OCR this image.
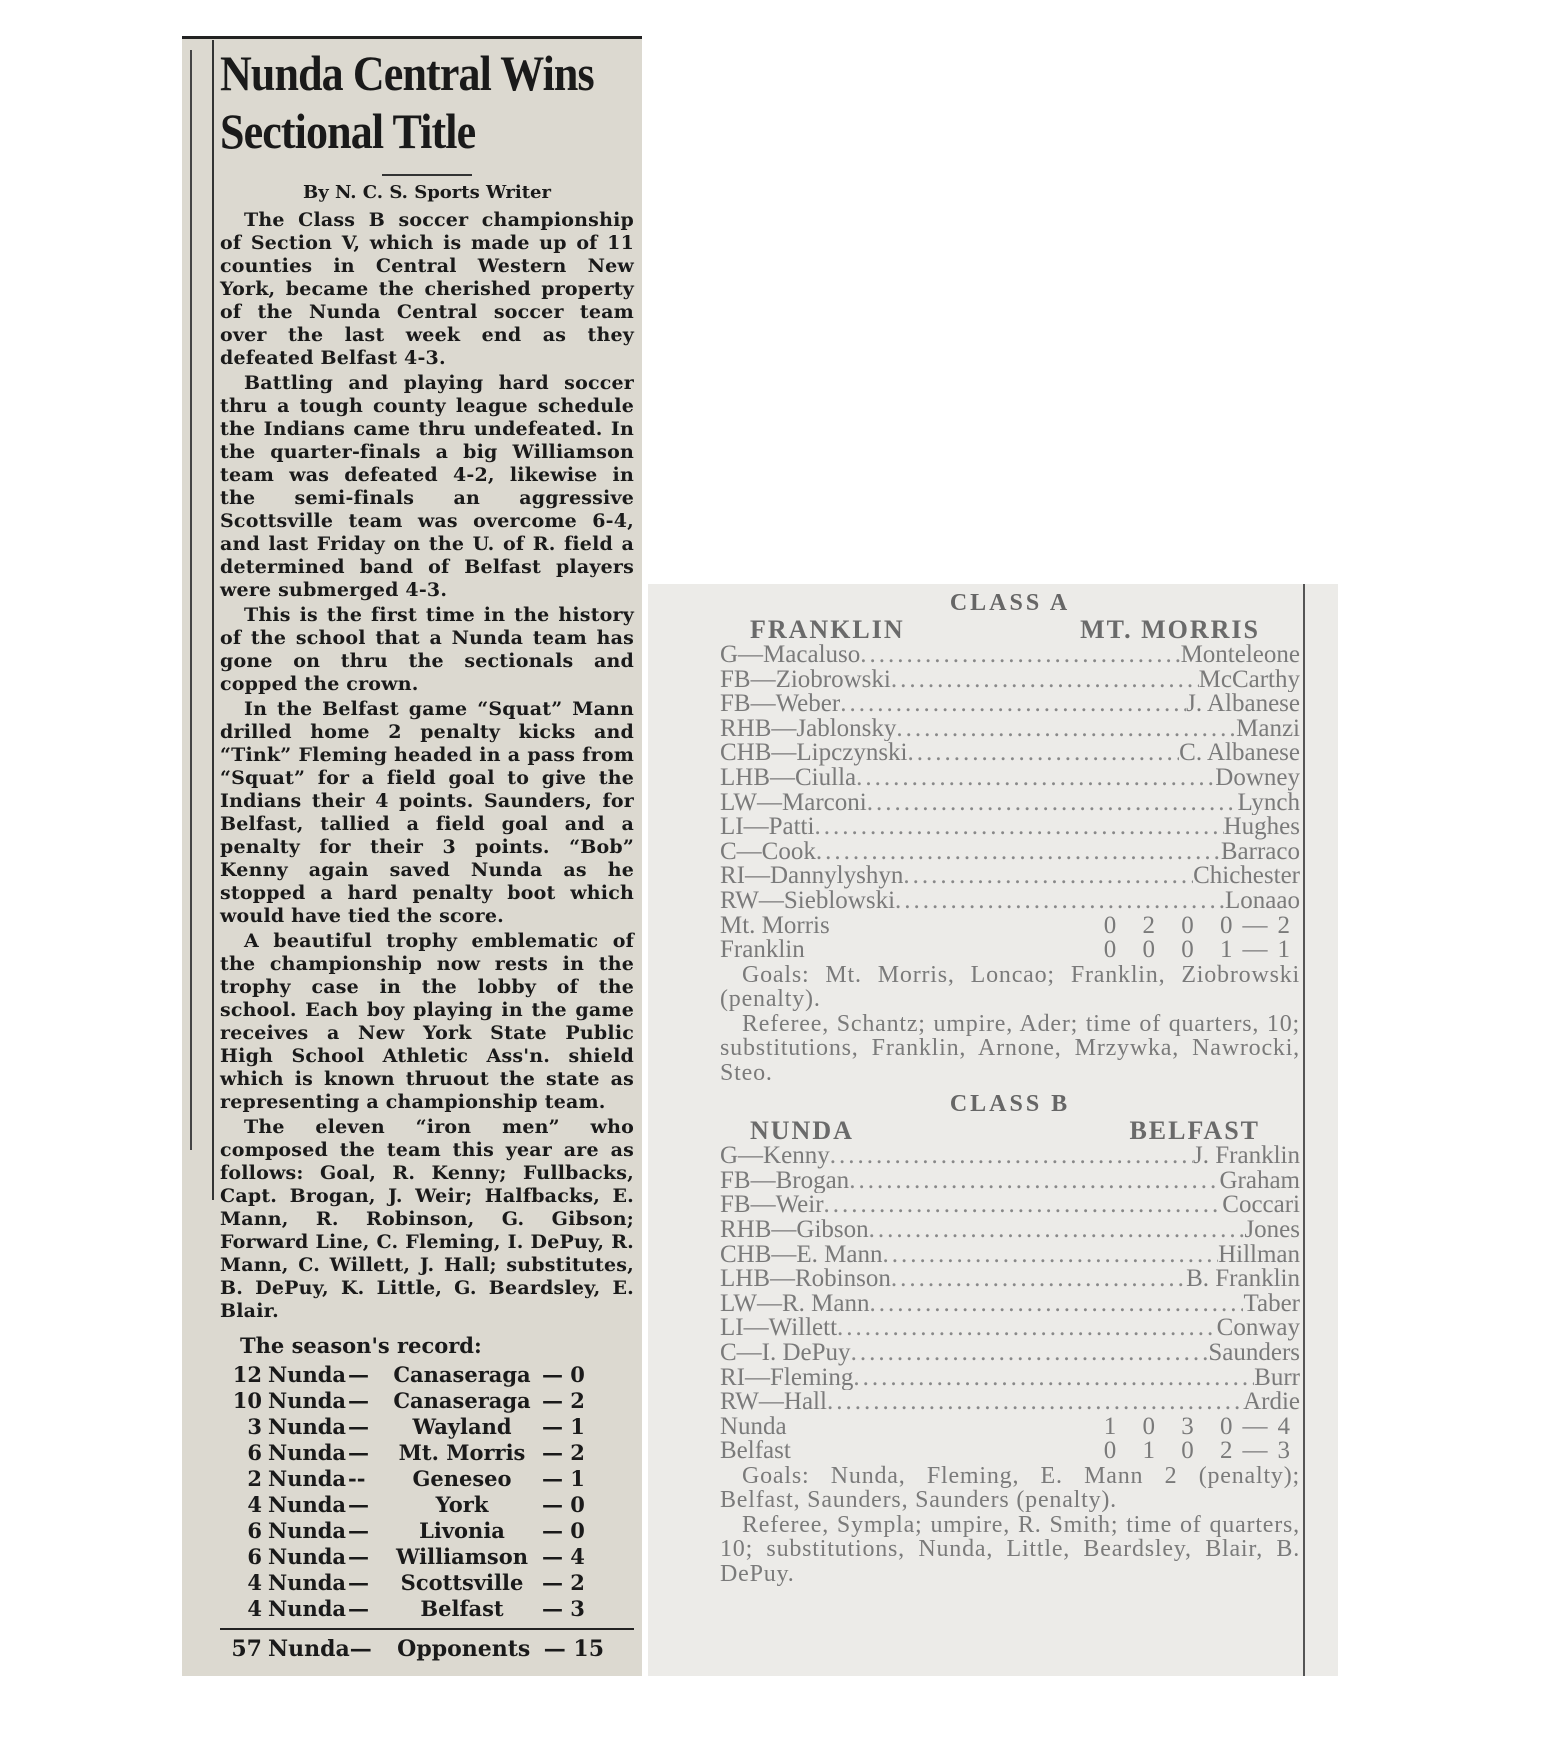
Nunda Central Wins
Sectional Title
By N. C. S. Sports Writer

The Class B soccer championship of Section V, which is made up of 11 counties in Central Western New York, became the cherished property of the Nunda Central soccer team over the last week end as they defeated Belfast 4-3.

Battling and playing hard soccer thru a tough county league schedule the Indians came thru undefeated. In the quarter-finals a big Williamson team was defeated 4-2, likewise in the semi-finals an aggressive Scottsville team was overcome 6-4, and last Friday on the U. of R. field a determined band of Belfast players were submerged 4-3.

This is the first time in the history of the school that a Nunda team has gone on thru the sectionals and copped the crown.

In the Belfast game “Squat” Mann drilled home 2 penalty kicks and “Tink” Fleming headed in a pass from “Squat” for a field goal to give the Indians their 4 points. Saunders, for Belfast, tallied a field goal and a penalty for their 3 points. “Bob” Kenny again saved Nunda as he stopped a hard penalty boot which would have tied the score.

A beautiful trophy emblematic of the championship now rests in the trophy case in the lobby of the school. Each boy playing in the game receives a New York State Public High School Athletic Ass'n. shield which is known thruout the state as representing a championship team.

The eleven “iron men” who composed the team this year are as follows: Goal, R. Kenny; Fullbacks, Capt. Brogan, J. Weir; Halfbacks, E. Mann, R. Robinson, G. Gibson; Forward Line, C. Fleming, I. DePuy, R. Mann, C. Willett, J. Hall; substitutes, B. DePuy, K. Little, G. Beardsley, E. Blair.

The season's record:
12	Nunda	—	Canaseraga	— 0
10	Nunda	—	Canaseraga	— 2
3	Nunda	—	Wayland	— 1
6	Nunda	—	Mt. Morris	— 2
2	Nunda	--	Geneseo	— 1
4	Nunda	—	York	— 0
6	Nunda	—	Livonia	— 0
6	Nunda	—	Williamson	— 4
4	Nunda	—	Scottsville	— 2
4	Nunda	—	Belfast	— 3
57	Nunda	—	Opponents	— 15
CLASS A
FRANKLIN	MT. MORRIS
G—Macaluso .....	Monteleone
FB—Ziobrowski .....	McCarthy
FB—Weber .....	J. Albanese
RHB—Jablonsky .....	Manzi
CHB—Lipczynski .....	C. Albanese
LHB—Ciulla .....	Downey
LW—Marconi .....	Lynch
LI—Patti .....	Hughes
C—Cook .....	Barraco
RI—Dannylyshyn .....	Chichester
RW—Sieblowski .....	Lonaao
Mt. Morris	0 2 0 0—2
Franklin	0 0 0 1—1

Goals: Mt. Morris, Loncao; Franklin, Ziobrowski (penalty).

Referee, Schantz; umpire, Ader; time of quarters, 10; substitutions, Franklin, Arnone, Mrzywka, Nawrocki, Steo.

CLASS B
NUNDA	BELFAST
G—Kenny .....	J. Franklin
FB—Brogan .....	Graham
FB—Weir .....	Coccari
RHB—Gibson .....	Jones
CHB—E. Mann .....	Hillman
LHB—Robinson .....	B. Franklin
LW—R. Mann .....	Taber
LI—Willett .....	Conway
C—I. DePuy .....	Saunders
RI—Fleming .....	Burr
RW—Hall .....	Ardie
Nunda	1 0 3 0—4
Belfast	0 1 0 2—3

Goals: Nunda, Fleming, E. Mann 2 (penalty); Belfast, Saunders, Saunders (penalty).

Referee, Sympla; umpire, R. Smith; time of quarters, 10; substitutions, Nunda, Little, Beardsley, Blair, B. DePuy.
